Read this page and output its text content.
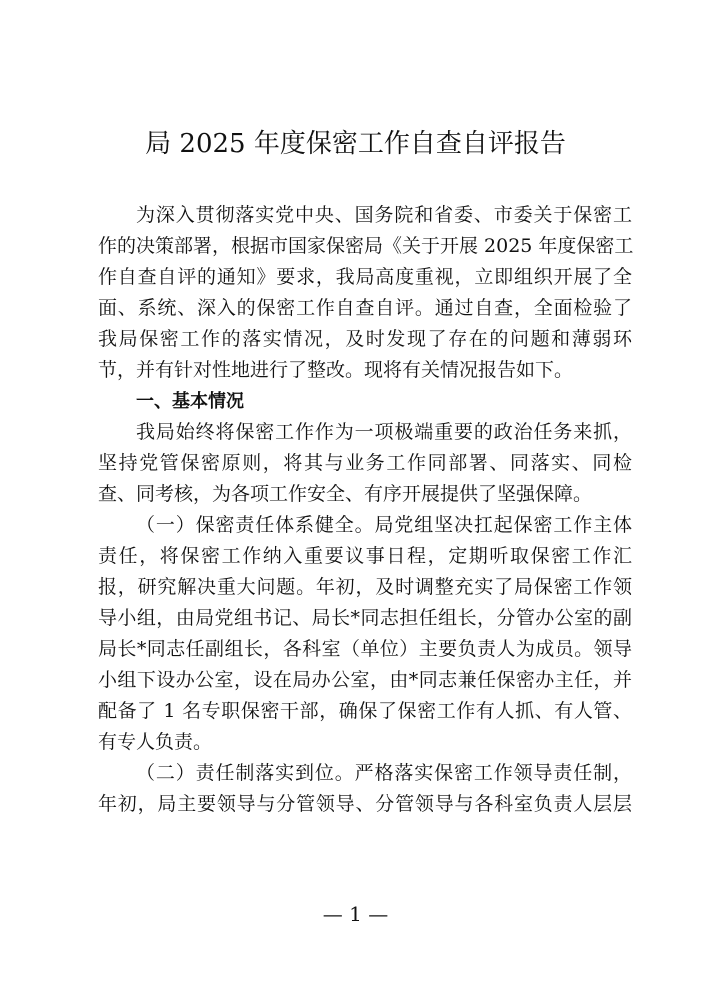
局 2025 年度保密工作自查自评报告
为深入贯彻落实党中央、国务院和省委、市委关于保密工
作的决策部署，根据市国家保密局《关于开展 2025 年度保密工
作自查自评的通知》要求，我局高度重视，立即组织开展了全
面、系统、深入的保密工作自查自评。通过自查，全面检验了
我局保密工作的落实情况，及时发现了存在的问题和薄弱环
节，并有针对性地进行了整改。现将有关情况报告如下。
一、基本情况
我局始终将保密工作作为一项极端重要的政治任务来抓，
坚持党管保密原则，将其与业务工作同部署、同落实、同检
查、同考核，为各项工作安全、有序开展提供了坚强保障。
（一）保密责任体系健全。局党组坚决扛起保密工作主体
责任，将保密工作纳入重要议事日程，定期听取保密工作汇
报，研究解决重大问题。年初，及时调整充实了局保密工作领
导小组，由局党组书记、局长*同志担任组长，分管办公室的副
局长*同志任副组长，各科室（单位）主要负责人为成员。领导
小组下设办公室，设在局办公室，由*同志兼任保密办主任，并
配备了 1 名专职保密干部，确保了保密工作有人抓、有人管、
有专人负责。
（二）责任制落实到位。严格落实保密工作领导责任制，
年初，局主要领导与分管领导、分管领导与各科室负责人层层
— 1 —
